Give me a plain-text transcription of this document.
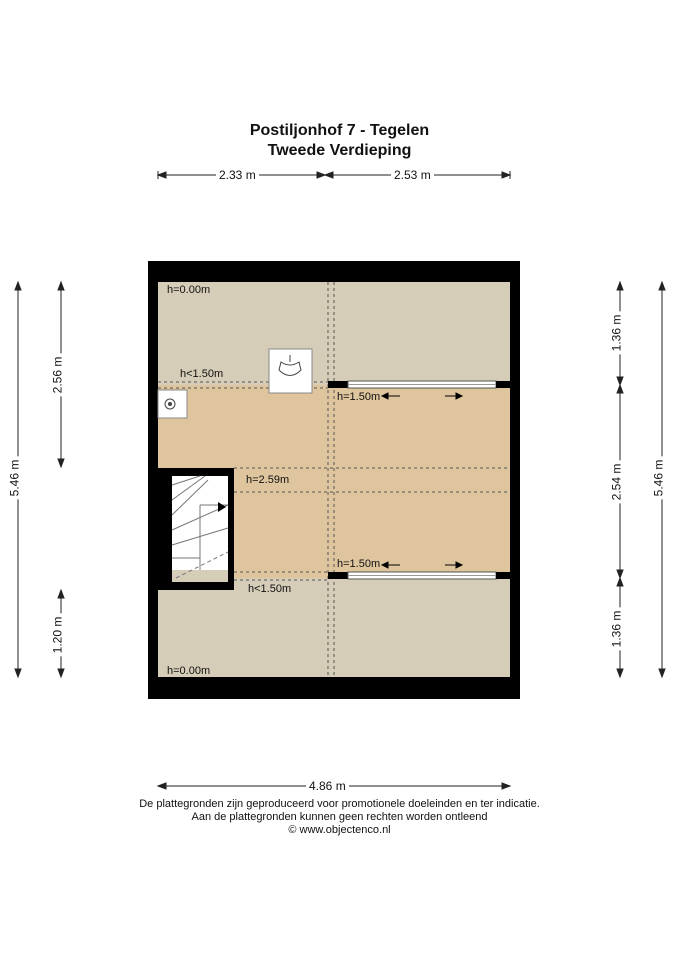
Postiljonhof 7 - Tegelen
Tweede Verdieping
2.33 m	2.53 m
4.86 m
5.46 m
2.56 m
1.20 m
1.36 m
2.54 m
1.36 m
5.46 m
h=0.00m
h<1.50m
h=1.50m
h=2.59m
h=1.50m
h<1.50m
h=0.00m
De plattegronden zijn geproduceerd voor promotionele doeleinden en ter indicatie.
Aan de plattegronden kunnen geen rechten worden ontleend
© www.objectenco.nl
